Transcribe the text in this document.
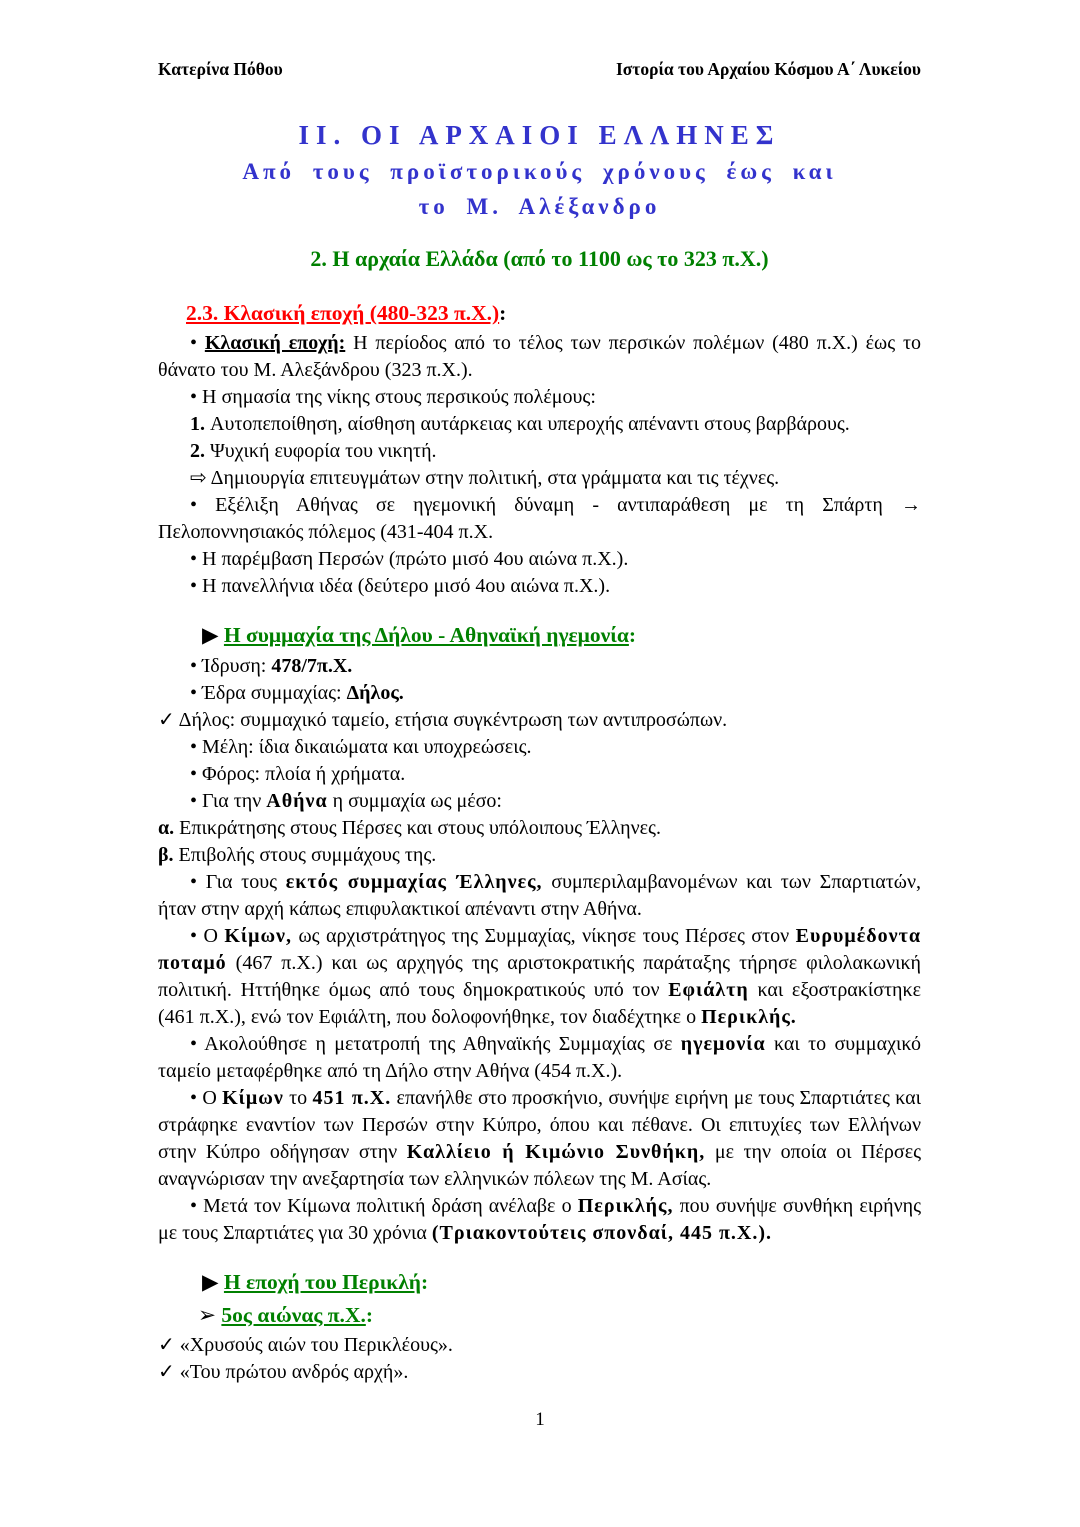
Κατερίνα Πόθου	Ιστορία του Αρχαίου Κόσμου Α΄ Λυκείου
ΙΙ. ΟΙ ΑΡΧΑΙΟΙ ΕΛΛΗΝΕΣ
Από τους προϊστορικούς χρόνους έως και
το Μ. Αλέξανδρο
2. Η αρχαία Ελλάδα (από το 1100 ως το 323 π.Χ.)
2.3. Κλασική εποχή (480-323 π.Χ.):
• Κλασική εποχή: Η περίοδος από το τέλος των περσικών πολέμων (480 π.Χ.) έως το θάνατο του Μ. Αλεξάνδρου (323 π.Χ.).
• Η σημασία της νίκης στους περσικούς πολέμους:
1. Αυτοπεποίθηση, αίσθηση αυτάρκειας και υπεροχής απέναντι στους βαρβάρους.
2. Ψυχική ευφορία του νικητή.
⇨ Δημιουργία επιτευγμάτων στην πολιτική, στα γράμματα και τις τέχνες.
• Εξέλιξη Αθήνας σε ηγεμονική δύναμη - αντιπαράθεση με τη Σπάρτη → Πελοποννησιακός πόλεμος (431-404 π.Χ.
• Η παρέμβαση Περσών (πρώτο μισό 4ου αιώνα π.Χ.).
• Η πανελλήνια ιδέα (δεύτερο μισό 4ου αιώνα π.Χ.).
▶ Η συμμαχία της Δήλου - Αθηναϊκή ηγεμονία:
• Ίδρυση: 478/7π.Χ.
• Έδρα συμμαχίας: Δήλος.
✓ Δήλος: συμμαχικό ταμείο, ετήσια συγκέντρωση των αντιπροσώπων.
• Μέλη: ίδια δικαιώματα και υποχρεώσεις.
• Φόρος: πλοία ή χρήματα.
• Για την Αθήνα η συμμαχία ως μέσο:
α. Επικράτησης στους Πέρσες και στους υπόλοιπους Έλληνες.
β. Επιβολής στους συμμάχους της.
• Για τους εκτός συμμαχίας Έλληνες, συμπεριλαμβανομένων και των Σπαρτιατών, ήταν στην αρχή κάπως επιφυλακτικοί απέναντι στην Αθήνα.
• Ο Κίμων, ως αρχιστράτηγος της Συμμαχίας, νίκησε τους Πέρσες στον Ευρυμέδοντα ποταμό (467 π.Χ.) και ως αρχηγός της αριστοκρατικής παράταξης τήρησε φιλολακωνική πολιτική. Ηττήθηκε όμως από τους δημοκρατικούς υπό τον Εφιάλτη και εξοστρακίστηκε (461 π.Χ.), ενώ τον Εφιάλτη, που δολοφονήθηκε, τον διαδέχτηκε ο Περικλής.
• Ακολούθησε η μετατροπή της Αθηναϊκής Συμμαχίας σε ηγεμονία και το συμμαχικό ταμείο μεταφέρθηκε από τη Δήλο στην Αθήνα (454 π.Χ.).
• Ο Κίμων το 451 π.Χ. επανήλθε στο προσκήνιο, συνήψε ειρήνη με τους Σπαρτιάτες και στράφηκε εναντίον των Περσών στην Κύπρο, όπου και πέθανε. Οι επιτυχίες των Ελλήνων στην Κύπρο οδήγησαν στην Καλλίειο ή Κιμώνιο Συνθήκη, με την οποία οι Πέρσες αναγνώρισαν την ανεξαρτησία των ελληνικών πόλεων της Μ. Ασίας.
• Μετά τον Κίμωνα πολιτική δράση ανέλαβε ο Περικλής, που συνήψε συνθήκη ειρήνης με τους Σπαρτιάτες για 30 χρόνια (Τριακοντούτεις σπονδαί, 445 π.Χ.).
▶ Η εποχή του Περικλή:
➢ 5ος αιώνας π.Χ.:
✓ «Χρυσούς αιών του Περικλέους».
✓ «Του πρώτου ανδρός αρχή».
1
